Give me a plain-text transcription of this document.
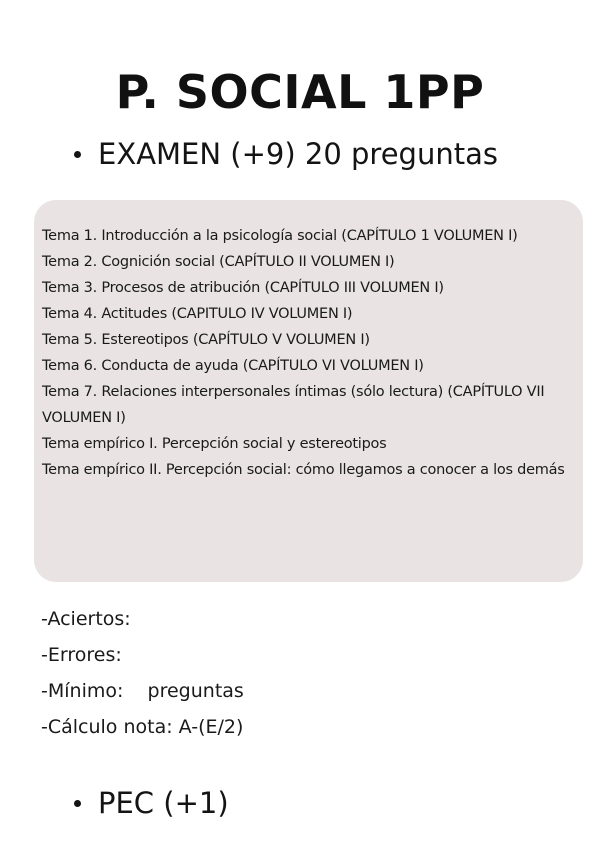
P. SOCIAL 1PP
EXAMEN (+9) 20 preguntas
Tema 1. Introducción a la psicología social (CAPÍTULO 1 VOLUMEN I)
Tema 2. Cognición social (CAPÍTULO II VOLUMEN I)
Tema 3. Procesos de atribución (CAPÍTULO III VOLUMEN I)
Tema 4. Actitudes (CAPITULO IV VOLUMEN I)
Tema 5. Estereotipos (CAPÍTULO V VOLUMEN I)
Tema 6. Conducta de ayuda (CAPÍTULO VI VOLUMEN I)
Tema 7. Relaciones interpersonales íntimas (sólo lectura) (CAPÍTULO VII VOLUMEN I)
Tema empírico I. Percepción social y estereotipos
Tema empírico II. Percepción social: cómo llegamos a conocer a los demás
-Aciertos:
-Errores:
-Mínimo:    preguntas
-Cálculo nota: A-(E/2)
PEC (+1)
